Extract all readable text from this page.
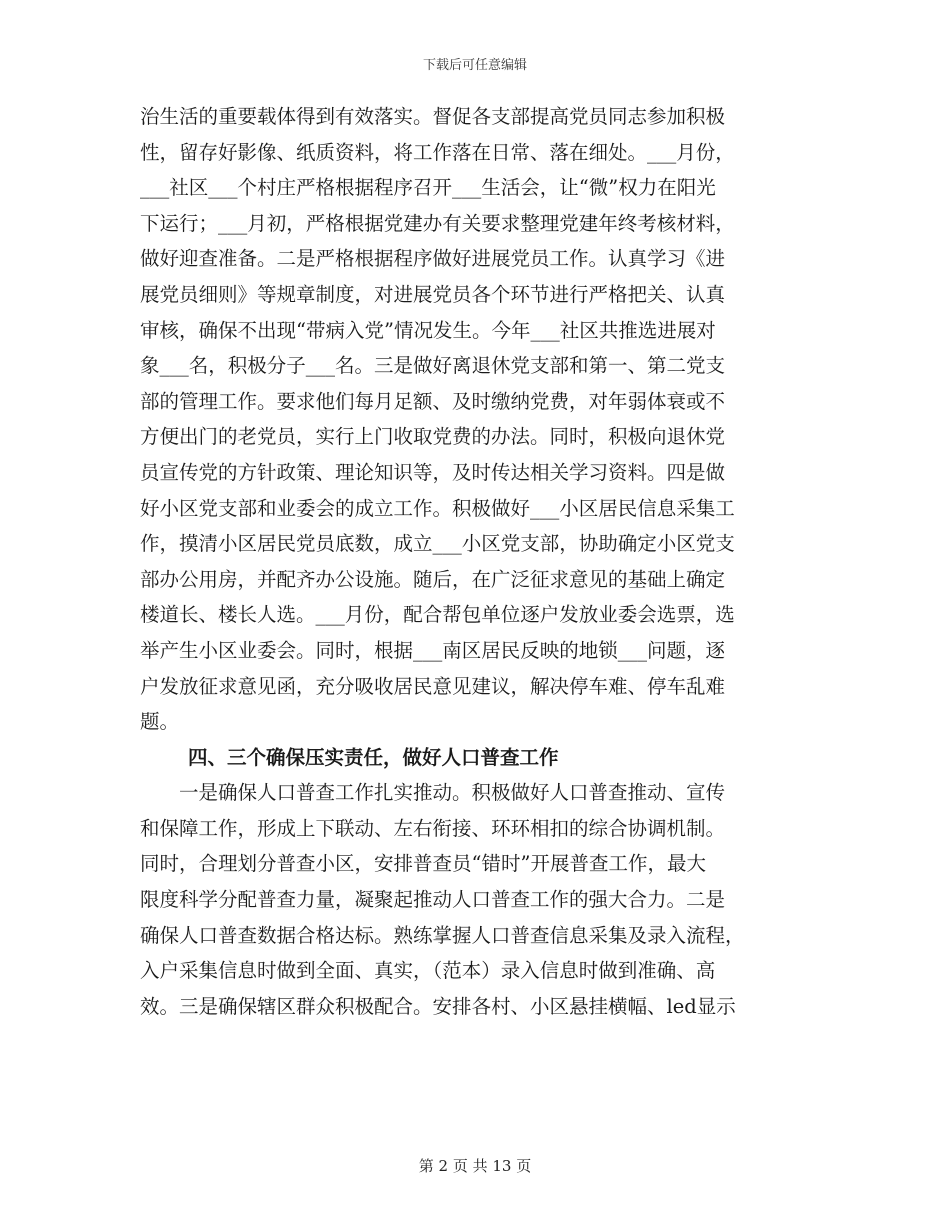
下载后可任意编辑
治生活的重要载体得到有效落实。督促各支部提高党员同志参加积极
性，留存好影像、纸质资料，将工作落在日常、落在细处。___月份，
___社区___个村庄严格根据程序召开___生活会，让“微”权力在阳光
下运行；___月初，严格根据党建办有关要求整理党建年终考核材料，
做好迎查准备。二是严格根据程序做好进展党员工作。认真学习《进
展党员细则》等规章制度，对进展党员各个环节进行严格把关、认真
审核，确保不出现“带病入党”情况发生。今年___社区共推选进展对
象___名，积极分子___名。三是做好离退休党支部和第一、第二党支
部的管理工作。要求他们每月足额、及时缴纳党费，对年弱体衰或不
方便出门的老党员，实行上门收取党费的办法。同时，积极向退休党
员宣传党的方针政策、理论知识等，及时传达相关学习资料。四是做
好小区党支部和业委会的成立工作。积极做好___小区居民信息采集工
作，摸清小区居民党员底数，成立___小区党支部，协助确定小区党支
部办公用房，并配齐办公设施。随后，在广泛征求意见的基础上确定
楼道长、楼长人选。___月份，配合帮包单位逐户发放业委会选票，选
举产生小区业委会。同时，根据___南区居民反映的地锁___问题，逐
户发放征求意见函，充分吸收居民意见建议，解决停车难、停车乱难
题。
四、三个确保压实责任，做好人口普查工作
　　一是确保人口普查工作扎实推动。积极做好人口普查推动、宣传
和保障工作，形成上下联动、左右衔接、环环相扣的综合协调机制。
同时，合理划分普查小区，安排普查员“错时”开展普查工作，最大
限度科学分配普查力量，凝聚起推动人口普查工作的强大合力。二是
确保人口普查数据合格达标。熟练掌握人口普查信息采集及录入流程，
入户采集信息时做到全面、真实，（范本）录入信息时做到准确、高
效。三是确保辖区群众积极配合。安排各村、小区悬挂横幅、led显示
第 2 页 共 13 页
